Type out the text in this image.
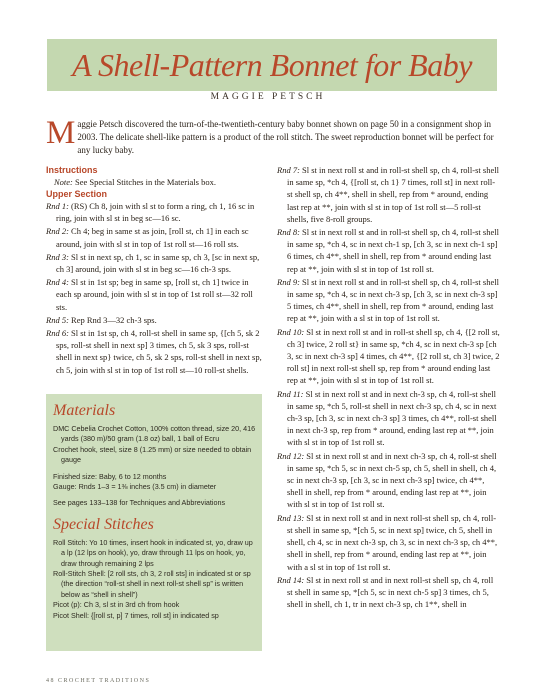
A Shell-Pattern Bonnet for Baby
MAGGIE PETSCH
Maggie Petsch discovered the turn-of-the-twentieth-century baby bonnet shown on page 50 in a consignment shop in 2003. The delicate shell-like pattern is a product of the roll stitch. The sweet reproduction bonnet will be perfect for any lucky baby.
Instructions
Note: See Special Stitches in the Materials box.
Upper Section
Rnd 1: (RS) Ch 8, join with sl st to form a ring, ch 1, 16 sc in ring, join with sl st in beg sc—16 sc.
Rnd 2: Ch 4; beg in same st as join, [roll st, ch 1] in each sc around, join with sl st in top of 1st roll st—16 roll sts.
Rnd 3: Sl st in next sp, ch 1, sc in same sp, ch 3, [sc in next sp, ch 3] around, join with sl st in beg sc—16 ch-3 sps.
Rnd 4: Sl st in 1st sp; beg in same sp, [roll st, ch 1] twice in each sp around, join with sl st in top of 1st roll st—32 roll sts.
Rnd 5: Rep Rnd 3—32 ch-3 sps.
Rnd 6: Sl st in 1st sp, ch 4, roll-st shell in same sp, {[ch 5, sk 2 sps, roll-st shell in next sp] 3 times, ch 5, sk 3 sps, roll-st shell in next sp} twice, ch 5, sk 2 sps, roll-st shell in next sp, ch 5, join with sl st in top of 1st roll st—10 roll-st shells.
Rnd 7: Sl st in next roll st and in roll-st shell sp, ch 4, roll-st shell in same sp, *ch 4, {[roll st, ch 1} 7 times, roll st] in next roll-st shell sp, ch 4**, shell in shell, rep from * around, ending last rep at **, join with sl st in top of 1st roll st—5 roll-st shells, five 8-roll groups.
Rnd 8: Sl st in next roll st and in roll-st shell sp, ch 4, roll-st shell in same sp, *ch 4, sc in next ch-1 sp, [ch 3, sc in next ch-1 sp] 6 times, ch 4**, shell in shell, rep from * around ending last rep at **, join with sl st in top of 1st roll st.
Rnd 9: Sl st in next roll st and in roll-st shell sp, ch 4, roll-st shell in same sp, *ch 4, sc in next ch-3 sp, [ch 3, sc in next ch-3 sp] 5 times, ch 4**, shell in shell, rep from * around, ending last rep at **, join with a sl st in top of 1st roll st.
Rnd 10: Sl st in next roll st and in roll-st shell sp, ch 4, {[2 roll st, ch 3] twice, 2 roll st} in same sp, *ch 4, sc in next ch-3 sp [ch 3, sc in next ch-3 sp] 4 times, ch 4**, {[2 roll st, ch 3] twice, 2 roll st] in next roll-st shell sp, rep from * around ending last rep at **, join with sl st in top of 1st roll st.
Rnd 11: Sl st in next roll st and in next ch-3 sp, ch 4, roll-st shell in same sp, *ch 5, roll-st shell in next ch-3 sp, ch 4, sc in next ch-3 sp, [ch 3, sc in next ch-3 sp] 3 times, ch 4**, roll-st shell in next ch-3 sp, rep from * around, ending last rep at **, join with sl st in top of 1st roll st.
Rnd 12: Sl st in next roll st and in next ch-3 sp, ch 4, roll-st shell in same sp, *ch 5, sc in next ch-5 sp, ch 5, shell in shell, ch 4, sc in next ch-3 sp, [ch 3, sc in next ch-3 sp] twice, ch 4**, shell in shell, rep from * around, ending last rep at **, join with sl st in top of 1st roll st.
Rnd 13: Sl st in next roll st and in next roll-st shell sp, ch 4, roll-st shell in same sp, *[ch 5, sc in next sp] twice, ch 5, shell in shell, ch 4, sc in next ch-3 sp, ch 3, sc in next ch-3 sp, ch 4**, shell in shell, rep from * around, ending last rep at **, join with a sl st in top of 1st roll st.
Rnd 14: Sl st in next roll st and in next roll-st shell sp, ch 4, roll st shell in same sp, *[ch 5, sc in next ch-5 sp] 3 times, ch 5, shell in shell, ch 1, tr in next ch-3 sp, ch 1**, shell in
Materials
DMC Cebelia Crochet Cotton, 100% cotton thread, size 20, 416 yards (380 m)/50 gram (1.8 oz) ball, 1 ball of Ecru
Crochet hook, steel, size 8 (1.25 mm) or size needed to obtain gauge
Finished size: Baby, 6 to 12 months
Gauge: Rnds 1–3 = 1⅜ inches (3.5 cm) in diameter
See pages 133–138 for Techniques and Abbreviations
Special Stitches
Roll Stitch: Yo 10 times, insert hook in indicated st, yo, draw up a lp (12 lps on hook), yo, draw through 11 lps on hook, yo, draw through remaining 2 lps
Roll-Stitch Shell: [2 roll sts, ch 3, 2 roll sts] in indicated st or sp (the direction “roll-st shell in next roll-st shell sp” is written below as “shell in shell”)
Picot (p): Ch 3, sl st in 3rd ch from hook
Picot Shell: {[roll st, p] 7 times, roll st] in indicated sp
48 CROCHET TRADITIONS
